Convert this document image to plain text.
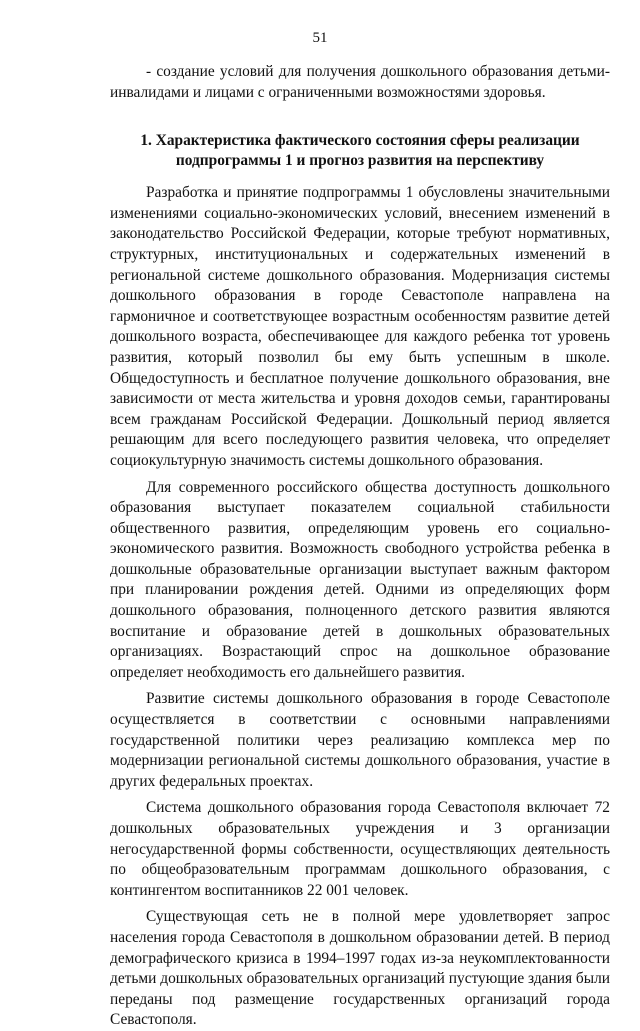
51

- создание условий для получения дошкольного образования детьми-инвалидами и лицами с ограниченными возможностями здоровья.

1. Характеристика фактического состояния сферы реализации подпрограммы 1 и прогноз развития на перспективу

Разработка и принятие подпрограммы 1 обусловлены значительными изменениями социально-экономических условий, внесением изменений в законодательство Российской Федерации, которые требуют нормативных, структурных, институциональных и содержательных изменений в региональной системе дошкольного образования. Модернизация системы дошкольного образования в городе Севастополе направлена на гармоничное и соответствующее возрастным особенностям развитие детей дошкольного возраста, обеспечивающее для каждого ребенка тот уровень развития, который позволил бы ему быть успешным в школе. Общедоступность и бесплатное получение дошкольного образования, вне зависимости от места жительства и уровня доходов семьи, гарантированы всем гражданам Российской Федерации. Дошкольный период является решающим для всего последующего развития человека, что определяет социокультурную значимость системы дошкольного образования.

Для современного российского общества доступность дошкольного образования выступает показателем социальной стабильности общественного развития, определяющим уровень его социально-экономического развития. Возможность свободного устройства ребенка в дошкольные образовательные организации выступает важным фактором при планировании рождения детей. Одними из определяющих форм дошкольного образования, полноценного детского развития являются воспитание и образование детей в дошкольных образовательных организациях. Возрастающий спрос на дошкольное образование определяет необходимость его дальнейшего развития.

Развитие системы дошкольного образования в городе Севастополе осуществляется в соответствии с основными направлениями государственной политики через реализацию комплекса мер по модернизации региональной системы дошкольного образования, участие в других федеральных проектах.

Система дошкольного образования города Севастополя включает 72 дошкольных образовательных учреждения и 3 организации негосударственной формы собственности, осуществляющих деятельность по общеобразовательным программам дошкольного образования, с контингентом воспитанников 22 001 человек.

Существующая сеть не в полной мере удовлетворяет запрос населения города Севастополя в дошкольном образовании детей. В период демографического кризиса в 1994–1997 годах из-за неукомплектованности детьми дошкольных образовательных организаций пустующие здания были переданы под размещение государственных организаций города Севастополя.
